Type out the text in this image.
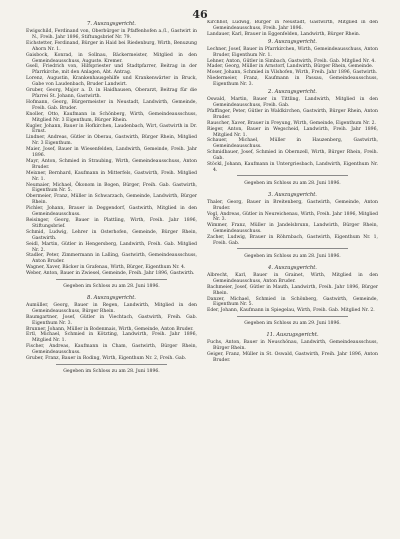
46

7. Auszugsgericht.

Ewigschild, Ferdinand von, Oberbürger in Pfaffenhofen a./I., Gastwirt in N., Freih. Jahr 1896, Stiftungsbrief Nr. 79.

Eichstetter, Ferdinand, Bürger in Haid bei Riedenburg, Wirth, Benuzung Ahorn Nr. 1.

Gaisbock, Konrad, in Sollnau, Bäckermeister, Mitglied in den Gemeindeausschuss, Auguste. Kremer.

Gsell, Friedrich von, Hilfspriester und Stadtpfarrer, Beitrag in der Pfarrkirche, mit den Anlagen, Abt. Antrag.

Lorenz, Augustin, Krankenhausgehilfe und Krankenwärter in Bruck, Gabe von Laudenbach, Bruder Landwirt.

Gruber, Georg, Major a. D. in Haidhausen, Oberarzt, Beitrag für die Pfarrei St. Johann, Gastwirth.

Hofmann, Georg, Bürgermeister in Neustadt, Landwirth, Gemeinde, Freih. Gab. Bruder.

Knoller, Otto, Kaufmann in Schönberg, Wirth, Gemeindeausschuss, Mitglied Nr. 3 Eigenthum, Bürger Rhein.

Kugler, Johann, Bauer in Hofkirchen, Laudenbach, Wirt, Gastwirth in Dr. Ernst.

Lindner, Andreas, Gütler in Oberau, Gastwirth, Bürger Rhein, Mitglied Nr. 3 Eigenthum.

Maier, Josef, Bauer in Wiesenfelden, Landwirth, Gemeinde, Freih. Jahr 1896.

Mayr, Anton, Schmied in Straubing, Wirth, Gemeindeausschuss, Anton Bruder.

Meixner, Bernhard, Kaufmann in Mitterfels, Gastwirth, Freih. Mitglied Nr. 1.

Neumaier, Michael, Ökonom in Bogen, Bürger, Freih. Gab. Gastwirth, Eigenthum Nr. 5.

Obermeier, Franz, Müller in Schwarzach, Gemeinde, Landwirth, Bürger Rhein.

Pichler, Johann, Brauer in Deggendorf, Gastwirth, Mitglied in den Gemeindeausschuss.

Reisinger, Georg, Bauer in Plattling, Wirth, Freih. Jahr 1896, Stiftungsbrief.

Schmid, Ludwig, Lehrer in Osterhofen, Gemeinde, Bürger Rhein, Gastwirth.

Seidl, Martin, Gütler in Hengersberg, Landwirth, Freih. Gab. Mitglied Nr. 2.

Stadler, Peter, Zimmermann in Lalling, Gastwirth, Gemeindeausschuss, Anton Bruder.

Wagner, Xaver, Bäcker in Grafenau, Wirth, Bürger, Eigenthum Nr. 4.

Weber, Anton, Bauer in Zwiesel, Gemeinde, Freih. Jahr 1896, Gastwirth.

Gegeben im Schloss zu am 28. Juni 1896.

8. Auszugsgericht.

Aumüller, Georg, Bauer in Regen, Landwirth, Mitglied in den Gemeindeausschuss, Bürger Rhein.

Baumgartner, Josef, Gütler in Viechtach, Gastwirth, Freih. Gab. Eigenthum Nr. 3.

Brunner, Johann, Müller in Bodenmais, Wirth, Gemeinde, Anton Bruder.

Ertl, Michael, Schmied in Kötzting, Landwirth, Freih. Jahr 1896, Mitglied Nr. 1.

Fischer, Andreas, Kaufmann in Cham, Gastwirth, Bürger Rhein, Gemeindeausschuss.

Gruber, Franz, Bauer in Roding, Wirth, Eigenthum Nr. 2, Freih. Gab.

Gegeben im Schloss zu am 28. Juni 1896.

Kirchhof, Ludwig, Bürger in Neustadt, Gastwirth, Mitglied in den Gemeindeausschuss, Freih. Jahr 1896.

Landauer, Karl, Brauer in Eggenfelden, Landwirth, Bürger Rhein.

9. Auszugsgericht.

Lechner, Josef, Bauer in Pfarrkirchen, Wirth, Gemeindeausschuss, Anton Bruder, Eigenthum Nr. 1.

Lehner, Anton, Gütler in Simbach, Gastwirth, Freih. Gab. Mitglied Nr. 4.

Mader, Georg, Müller in Arnstorf, Landwirth, Bürger Rhein, Gemeinde.

Moser, Johann, Schmied in Vilshofen, Wirth, Freih. Jahr 1896, Gastwirth.

Niedermeier, Franz, Kaufmann in Passau, Gemeindeausschuss, Eigenthum Nr. 3.

2. Auszugsgericht.

Oswald, Martin, Bauer in Tittling, Landwirth, Mitglied in den Gemeindeausschuss, Freih. Gab.

Pfaffinger, Peter, Gütler in Waldkirchen, Gastwirth, Bürger Rhein, Anton Bruder.

Rauscher, Xaver, Brauer in Freyung, Wirth, Gemeinde, Eigenthum Nr. 2.

Rieger, Anton, Bauer in Wegscheid, Landwirth, Freih. Jahr 1896, Mitglied Nr. 1.

Schauer, Michael, Müller in Hauzenberg, Gastwirth, Gemeindeausschuss.

Schmidbauer, Josef, Schmied in Obernzell, Wirth, Bürger Rhein, Freih. Gab.

Stöckl, Johann, Kaufmann in Untergriesbach, Landwirth, Eigenthum Nr. 4.

Gegeben im Schloss zu am 28. Juni 1896.

3. Auszugsgericht.

Thaler, Georg, Bauer in Breitenberg, Gastwirth, Gemeinde, Anton Bruder.

Vogl, Andreas, Gütler in Neureichenau, Wirth, Freih. Jahr 1896, Mitglied Nr. 3.

Wimmer, Franz, Müller in Jandelsbrunn, Landwirth, Bürger Rhein, Gemeindeausschuss.

Zacher, Ludwig, Brauer in Röhrnbach, Gastwirth, Eigenthum Nr. 1, Freih. Gab.

Gegeben im Schloss zu am 28. Juni 1896.

4. Auszugsgericht.

Albrecht, Karl, Bauer in Grainet, Wirth, Mitglied in den Gemeindeausschuss, Anton Bruder.

Bachmeier, Josef, Gütler in Mauth, Landwirth, Freih. Jahr 1896, Bürger Rhein.

Danzer, Michael, Schmied in Schönberg, Gastwirth, Gemeinde, Eigenthum Nr. 5.

Eder, Johann, Kaufmann in Spiegelau, Wirth, Freih. Gab. Mitglied Nr. 2.

Gegeben im Schloss zu am 29. Juni 1896.

11. Auszugsgericht.

Fuchs, Anton, Bauer in Neuschönau, Landwirth, Gemeindeausschuss, Bürger Rhein.

Geiger, Franz, Müller in St. Oswald, Gastwirth, Freih. Jahr 1896, Anton Bruder.
